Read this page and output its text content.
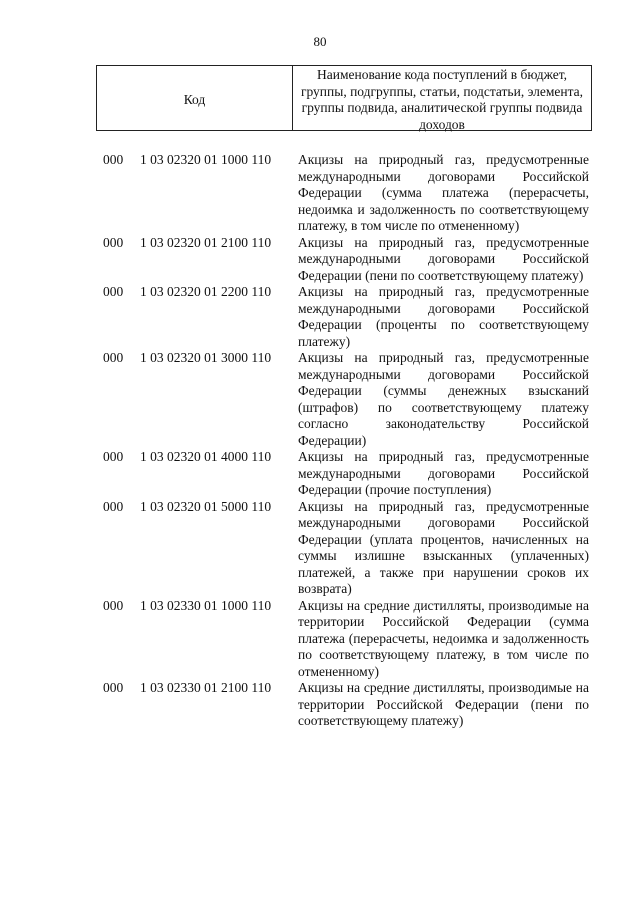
80
Код
Наименование кода поступлений в бюджет, группы, подгруппы, статьи, подстатьи, элемента, группы подвида, аналитической группы подвида доходов
000	1 03 02320 01 1000 110	Акцизы на природный газ, предусмотренные международными договорами Российской Федерации (сумма платежа (перерасчеты, недоимка и задолженность по соответствующему платежу, в том числе по отмененному)
000	1 03 02320 01 2100 110	Акцизы на природный газ, предусмотренные международными договорами Российской Федерации (пени по соответствующему платежу)
000	1 03 02320 01 2200 110	Акцизы на природный газ, предусмотренные международными договорами Российской Федерации (проценты по соответствующему платежу)
000	1 03 02320 01 3000 110	Акцизы на природный газ, предусмотренные международными договорами Российской Федерации (суммы денежных взысканий (штрафов) по соответствующему платежу согласно законодательству Российской Федерации)
000	1 03 02320 01 4000 110	Акцизы на природный газ, предусмотренные международными договорами Российской Федерации (прочие поступления)
000	1 03 02320 01 5000 110	Акцизы на природный газ, предусмотренные международными договорами Российской Федерации (уплата процентов, начисленных на суммы излишне взысканных (уплаченных) платежей, а также при нарушении сроков их возврата)
000	1 03 02330 01 1000 110	Акцизы на средние дистилляты, производимые на территории Российской Федерации (сумма платежа (перерасчеты, недоимка и задолженность по соответствующему платежу, в том числе по отмененному)
000	1 03 02330 01 2100 110	Акцизы на средние дистилляты, производимые на территории Российской Федерации (пени по соответствующему платежу)
